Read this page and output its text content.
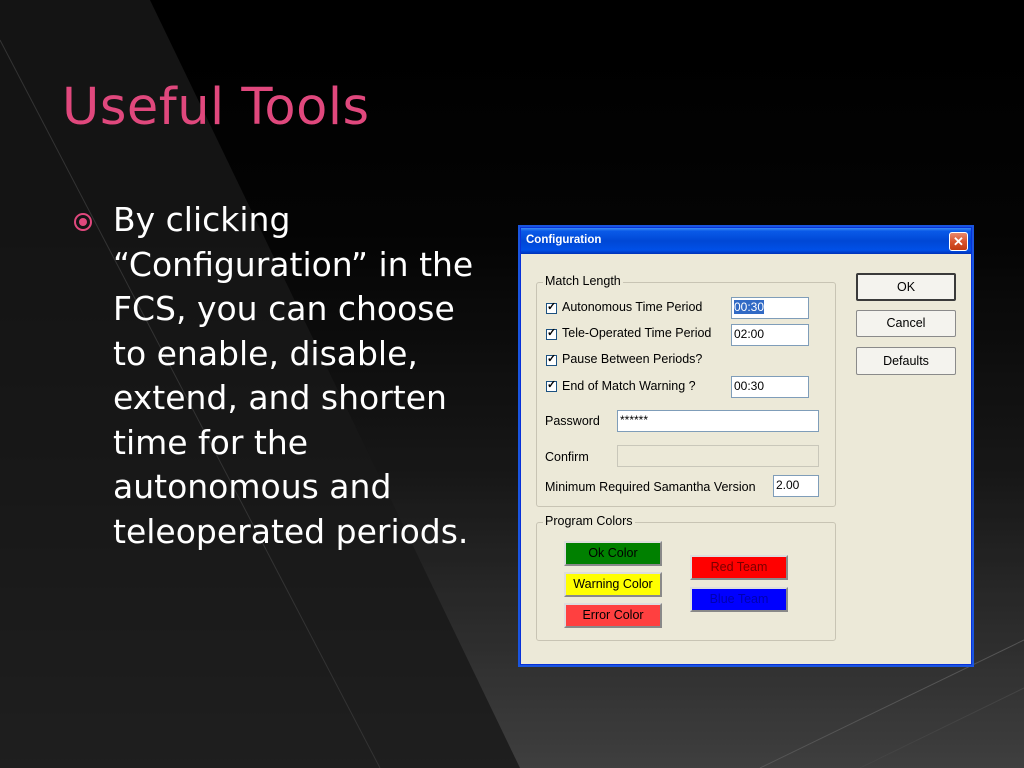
Useful Tools
By clicking “Configuration” in the FCS, you can choose to enable, disable, extend, and shorten time for the autonomous and teleoperated periods.
Configuration	✕
Match Length
✓
Autonomous Time Period	00:30
✓
Tele-Operated Time Period 02:00
✓
Pause Between Periods?
✓
End of Match Warning ?	00:30
Password ******
Confirm
Minimum Required Samantha Version 2.00
Program Colors
Ok Color
Warning Color
Error Color
Red Team
Blue Team
OK
Cancel
Defaults
